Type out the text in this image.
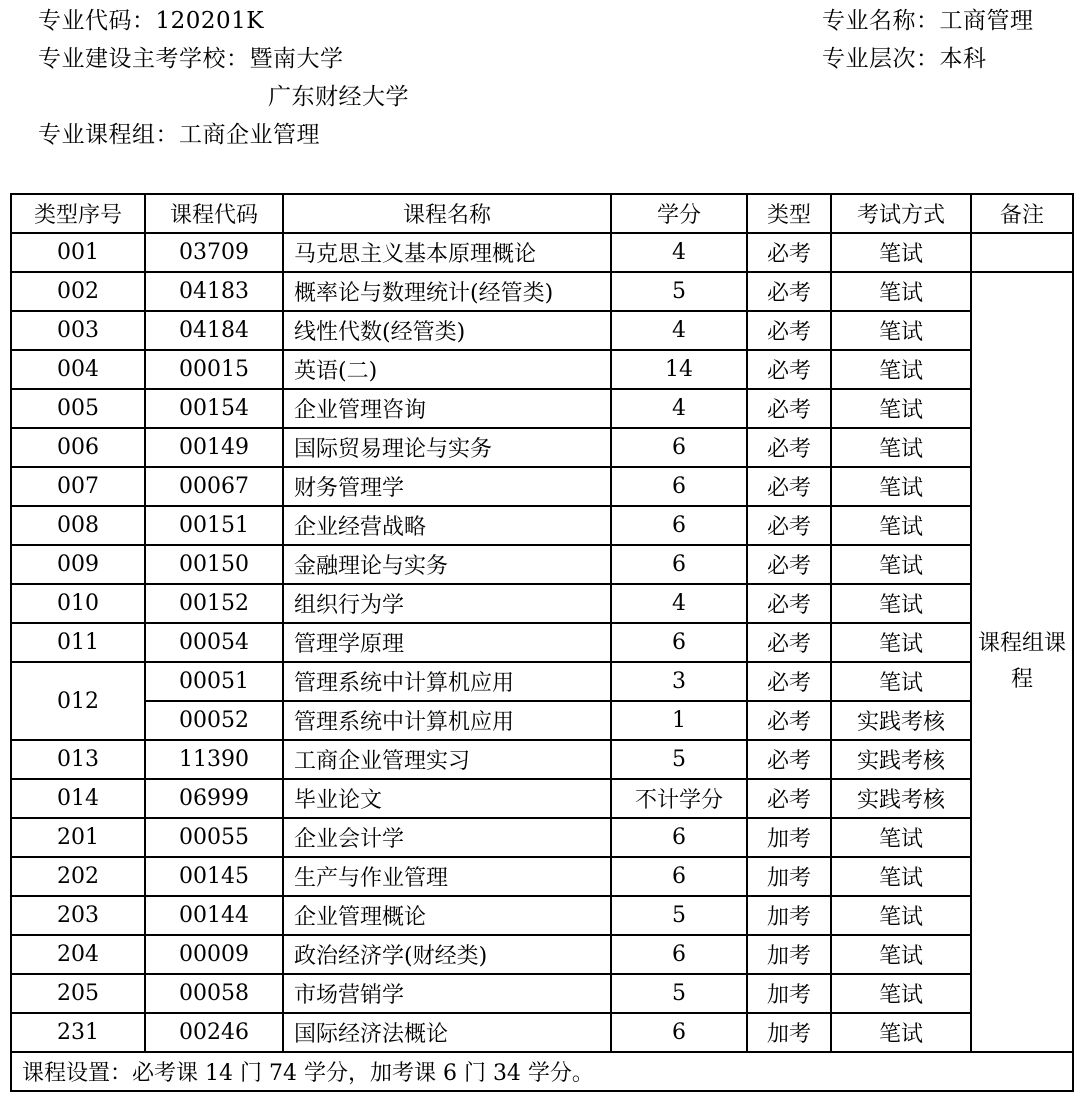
专业代码：120201K	专业名称：工商管理
专业建设主考学校：暨南大学	专业层次：本科
广东财经大学
专业课程组：工商企业管理
类型序号	课程代码	课程名称	学分	类型	考试方式	备注
001	03709	马克思主义基本原理概论	4	必考	笔试	
002	04183	概率论与数理统计(经管类)	5	必考	笔试	课程组课程
003	04184	线性代数(经管类)	4	必考	笔试	
004	00015	英语(二)	14	必考	笔试	
005	00154	企业管理咨询	4	必考	笔试	
006	00149	国际贸易理论与实务	6	必考	笔试	
007	00067	财务管理学	6	必考	笔试	
008	00151	企业经营战略	6	必考	笔试	
009	00150	金融理论与实务	6	必考	笔试	
010	00152	组织行为学	4	必考	笔试	
011	00054	管理学原理	6	必考	笔试	
012	00051	管理系统中计算机应用	3	必考	笔试	
	00052	管理系统中计算机应用	1	必考	实践考核	
013	11390	工商企业管理实习	5	必考	实践考核	
014	06999	毕业论文	不计学分	必考	实践考核	
201	00055	企业会计学	6	加考	笔试	
202	00145	生产与作业管理	6	加考	笔试	
203	00144	企业管理概论	5	加考	笔试	
204	00009	政治经济学(财经类)	6	加考	笔试	
205	00058	市场营销学	5	加考	笔试	
231	00246	国际经济法概论	6	加考	笔试	
课程设置：必考课 14 门 74 学分，加考课 6 门 34 学分。						
